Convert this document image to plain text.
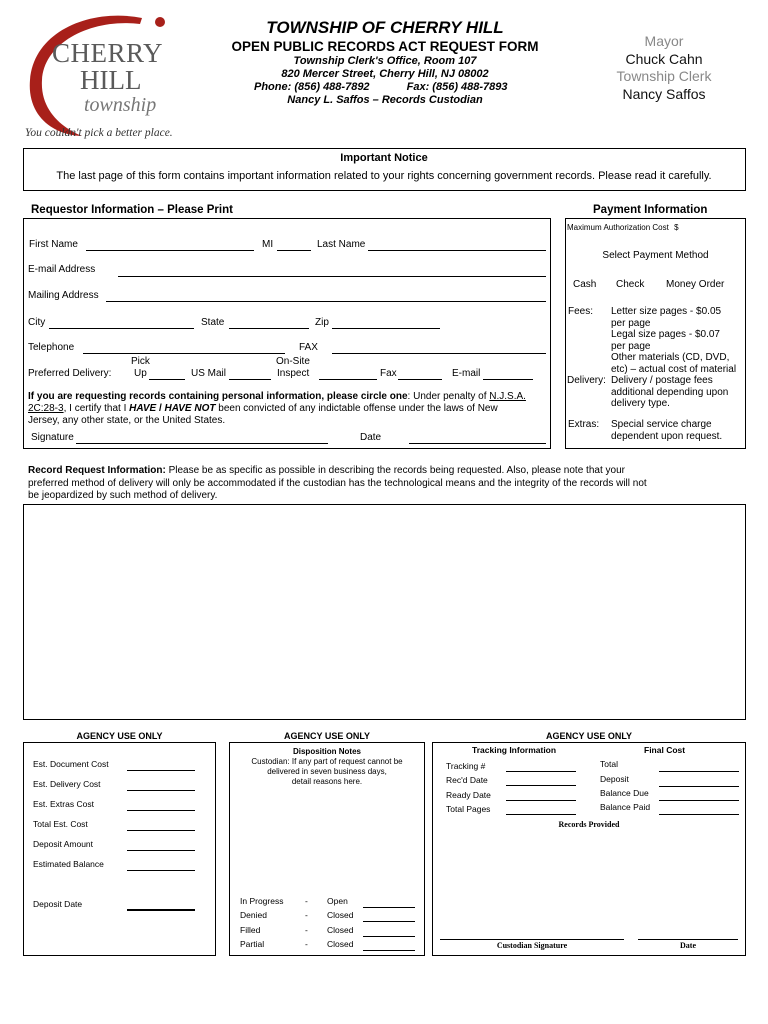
CHERRY
HILL
township
You couldn't pick a better place.
TOWNSHIP OF CHERRY HILL
OPEN PUBLIC RECORDS ACT REQUEST FORM
Township Clerk's Office, Room 107
820 Mercer Street, Cherry Hill, NJ 08002
Phone: (856) 488-7892	Fax: (856) 488-7893
Nancy L. Saffos – Records Custodian
Mayor
Chuck Cahn
Township Clerk
Nancy Saffos
Important Notice
The last page of this form contains important information related to your rights concerning government records. Please read it carefully.
Requestor Information – Please Print
First Name	MI	Last Name
E-mail Address
Mailing Address
City	State	Zip
Telephone	FAX
Preferred Delivery:
Pick
Up	US Mail
On-Site
Inspect	Fax	E-mail
If you are requesting records containing personal information, please circle one: Under penalty of N.J.S.A.
2C:28-3, I certify that I HAVE / HAVE NOT been convicted of any indictable offense under the laws of New
Jersey, any other state, or the United States.
Signature	Date
Payment Information
Maximum Authorization Cost $
Select Payment Method
Cash Check Money Order
Fees: Letter size pages - $0.05
per page
Legal size pages - $0.07
per page
Other materials (CD, DVD,
etc) – actual cost of material
Delivery: Delivery / postage fees
additional depending upon
delivery type.
Extras: Special service charge
dependent upon request.
Record Request Information: Please be as specific as possible in describing the records being requested. Also, please note that your
preferred method of delivery will only be accommodated if the custodian has the technological means and the integrity of the records will not
be jeopardized by such method of delivery.
AGENCY USE ONLY	AGENCY USE ONLY	AGENCY USE ONLY
Est. Document Cost
Est. Delivery Cost
Est. Extras Cost
Total Est. Cost
Deposit Amount
Estimated Balance
Deposit Date
Disposition Notes
Custodian: If any part of request cannot be
delivered in seven business days,
detail reasons here.
In Progress	- Open
Denied	- Closed
Filled	- Closed
Partial	- Closed
Tracking Information	Final Cost
Tracking #
Rec'd Date
Ready Date
Total Pages
Total
Deposit
Balance Due
Balance Paid
Records Provided
Custodian Signature	Date
